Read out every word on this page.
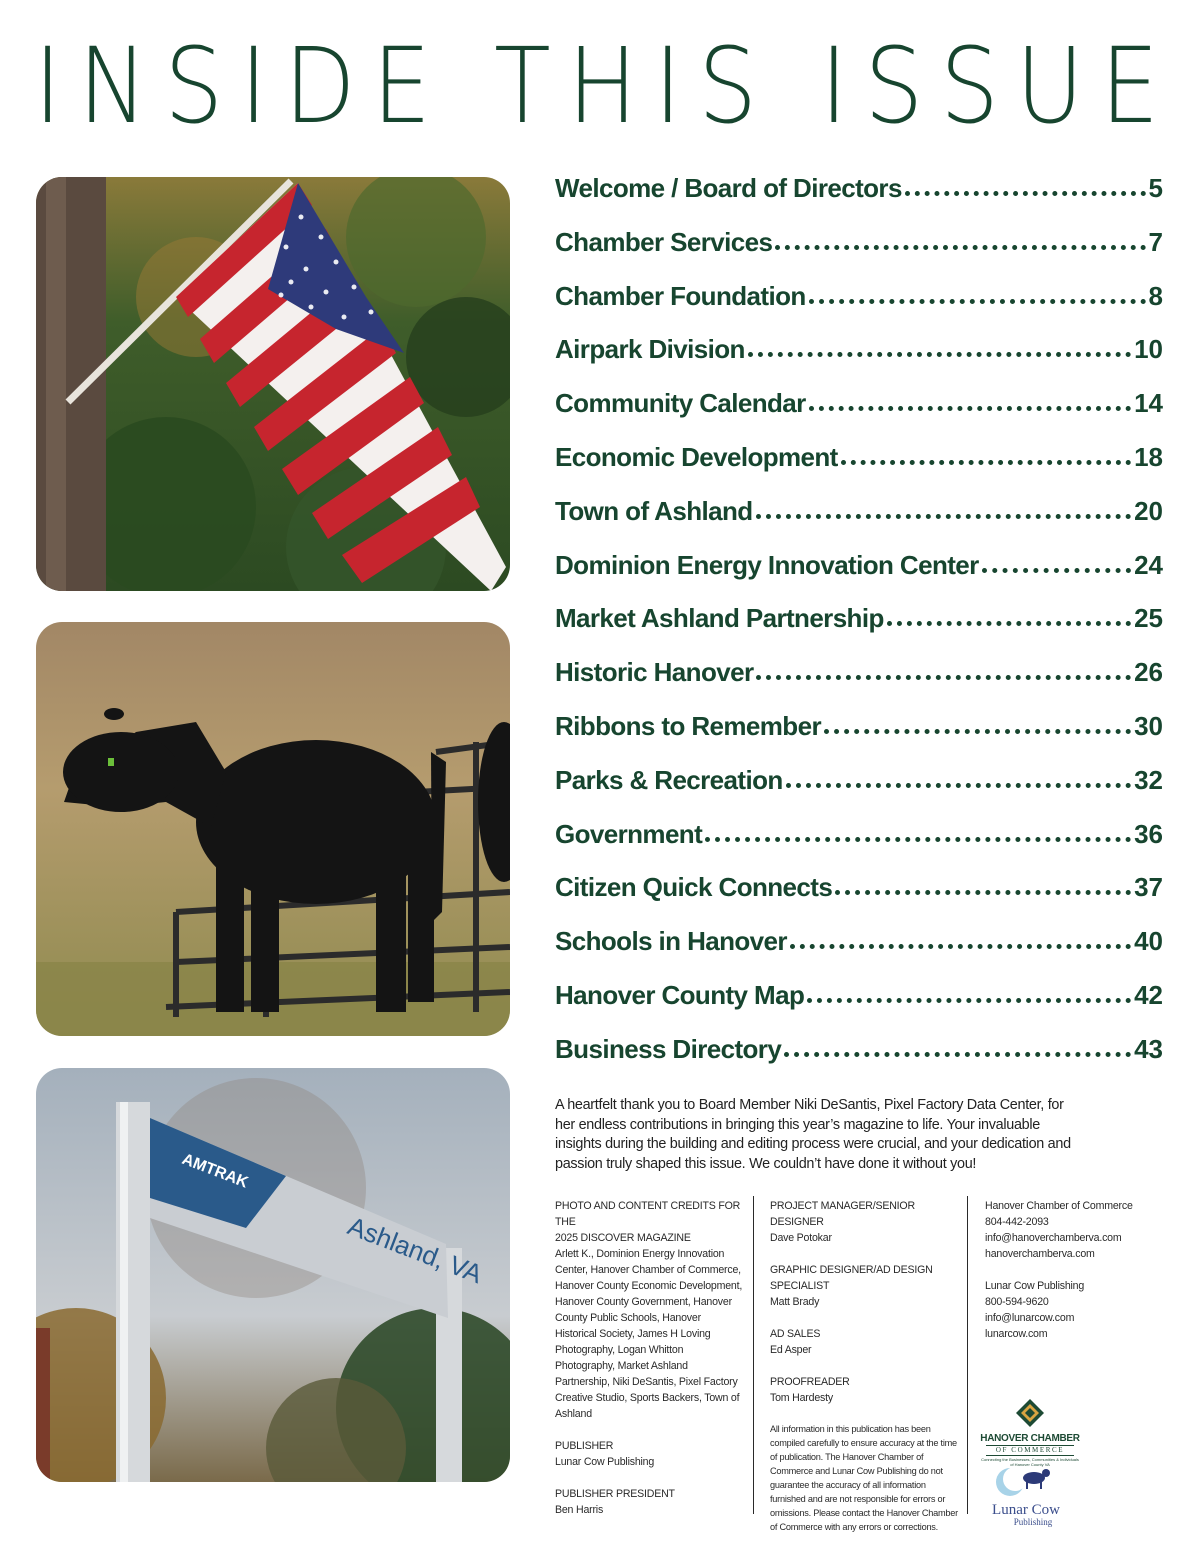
INSIDE THIS ISSUE
AMTRAK
Ashland, VA
Welcome / Board of Directors	5
Chamber Services	7
Chamber Foundation	8
Airpark Division	10
Community Calendar	14
Economic Development	18
Town of Ashland	20
Dominion Energy Innovation Center	24
Market Ashland Partnership	25
Historic Hanover	26
Ribbons to Remember	30
Parks & Recreation	32
Government	36
Citizen Quick Connects	37
Schools in Hanover	40
Hanover County Map	42
Business Directory	43
A heartfelt thank you to Board Member Niki DeSantis, Pixel Factory Data Center, for her endless contributions in bringing this year’s magazine to life. Your invaluable insights during the building and editing process were crucial, and your dedication and passion truly shaped this issue. We couldn’t have done it without you!
PHOTO AND CONTENT CREDITS FOR THE
2025 DISCOVER MAGAZINE
Arlett K., Dominion Energy Innovation Center, Hanover Chamber of Commerce, Hanover County Economic Development, Hanover County Government, Hanover County Public Schools, Hanover Historical Society, James H Loving Photography, Logan Whitton Photography, Market Ashland Partnership, Niki DeSantis, Pixel Factory Creative Studio, Sports Backers, Town of Ashland
PUBLISHER
Lunar Cow Publishing
PUBLISHER PRESIDENT
Ben Harris
PROJECT MANAGER/SENIOR DESIGNER
Dave Potokar
GRAPHIC DESIGNER/AD DESIGN SPECIALIST
Matt Brady
AD SALES
Ed Asper
PROOFREADER
Tom Hardesty
All information in this publication has been compiled carefully to ensure accuracy at the time of publication. The Hanover Chamber of Commerce and Lunar Cow Publishing do not guarantee the accuracy of all information furnished and are not responsible for errors or omissions. Please contact the Hanover Chamber of Commerce with any errors or corrections.
Hanover Chamber of Commerce
804-442-2093
info@hanoverchamberva.com
hanoverchamberva.com
Lunar Cow Publishing
800-594-9620
info@lunarcow.com
lunarcow.com
HANOVER CHAMBER
OF COMMERCE
Connecting the Businesses, Communities & Individuals of Hanover County VA
Lunar Cow
Publishing
